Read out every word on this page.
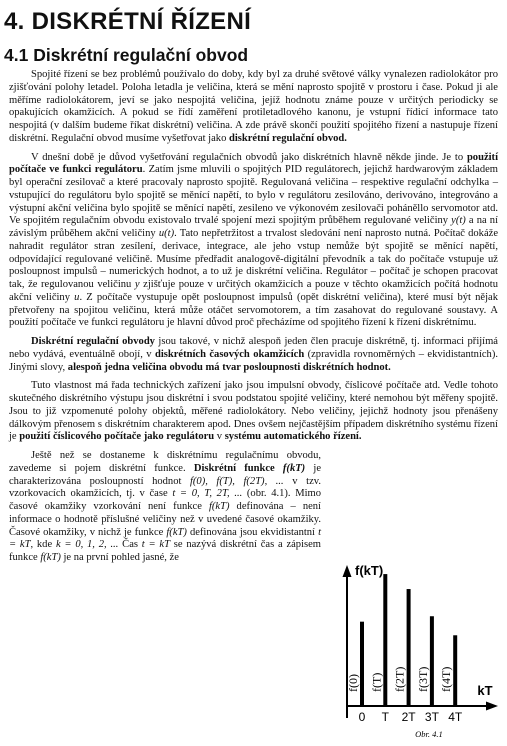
4. DISKRÉTNÍ ŘÍZENÍ
4.1 Diskrétní regulační obvod

Spojité řízení se bez problémů používalo do doby, kdy byl za druhé světové války vynalezen radiolokátor pro zjišťování polohy letadel. Poloha letadla je veličina, která se mění naprosto spojitě v prostoru i čase. Pokud ji ale měříme radiolokátorem, jeví se jako nespojitá veličina, jejíž hodnotu známe pouze v určitých periodicky se opakujících okamžicích. A pokud se řídí zaměření protiletadlového kanonu, je vstupní řídicí informace tato nespojitá (v dalším budeme říkat diskrétní) veličina. A zde právě skončí použití spojitého řízení a nastupuje řízení diskrétní. Regulační obvod musíme vyšetřovat jako diskrétní regulační obvod.

V dnešní době je důvod vyšetřování regulačních obvodů jako diskrétních hlavně někde jinde. Je to použití počítače ve funkci regulátoru. Zatím jsme mluvili o spojitých PID regulátorech, jejichž hardwarovým základem byl operační zesilovač a které pracovaly naprosto spojitě. Regulovaná veličina – respektive regulační odchylka – vstupující do regulátoru bylo spojitě se měnící napětí, to bylo v regulátoru zesilováno, derivováno, integrováno a výstupní akční veličina bylo spojitě se měnící napětí, zesileno ve výkonovém zesilovači poháněllo servomotor atd. Ve spojitém regulačním obvodu existovalo trvalé spojení mezi spojitým průběhem regulované veličiny y(t) a na ní závislým průběhem akční veličiny u(t). Tato nepřetržitost a trvalost sledování není naprosto nutná. Počítač dokáže nahradit regulátor stran zesílení, derivace, integrace, ale jeho vstup nemůže být spojitě se měnící napětí, odpovídající regulované veličině. Musíme předřadit analogově-digitální převodník a tak do počítače vstupuje už posloupnost impulsů – numerických hodnot, a to už je diskrétní veličina. Regulátor – počítač je schopen pracovat tak, že regulovanou veličinu y zjišťuje pouze v určitých okamžicích a pouze v těchto okamžicích počítá hodnotu akční veličiny u. Z počítače vystupuje opět posloupnost impulsů (opět diskrétní veličina), které musí být nějak přetvořeny na spojitou veličinu, která může otáčet servomotorem, a tím zasahovat do regulované soustavy. A použití počítače ve funkci regulátoru je hlavní důvod proč přecházíme od spojitého řízení k řízení diskrétnímu.

Diskrétní regulační obvody jsou takové, v nichž alespoň jeden člen pracuje diskrétně, tj. informaci přijímá nebo vydává, eventuálně obojí, v diskrétních časových okamžicích (zpravidla rovnoměrných – ekvidistantních). Jinými slovy, alespoň jedna veličina obvodu má tvar posloupnosti diskrétních hodnot.

Tuto vlastnost má řada technických zařízení jako jsou impulsní obvody, číslicové počítače atd. Vedle tohoto skutečného diskrétního výstupu jsou diskrétní i svou podstatou spojité veličiny, které nemohou být měřeny spojitě. Jsou to již vzpomenuté polohy objektů, měřené radiolokátory. Nebo veličiny, jejichž hodnoty jsou přenášeny dálkovým přenosem s diskrétním charakterem apod. Dnes ovšem nejčastějším případem diskrétního systému řízení je použití číslicového počítače jako regulátoru v systému automatického řízení.

Ještě než se dostaneme k diskrétnímu regulačnímu obvodu, zavedeme si pojem diskrétní funkce. Diskrétní funkce f(kT) je charakterizována posloupností hodnot f(0), f(T), f(2T), ... v tzv. vzorkovacích okamžicích, tj. v čase t = 0, T, 2T, ... (obr. 4.1). Mimo časové okamžiky vzorkování není funkce f(kT) definována – není informace o hodnotě příslušné veličiny než v uvedené časové okamžiky. Časové okamžiky, v nichž je funkce f(kT) definována jsou ekvidistantní t = kT, kde k = 0, 1, 2, ... Čas t = kT se nazývá diskrétní čas a zápisem funkce f(kT) je na první pohled jasné, že

f(kT)
kT
f(0)
0
f(T)
T
f(2T)
2T
f(3T)
3T
f(4T)
4T
Obr. 4.1
